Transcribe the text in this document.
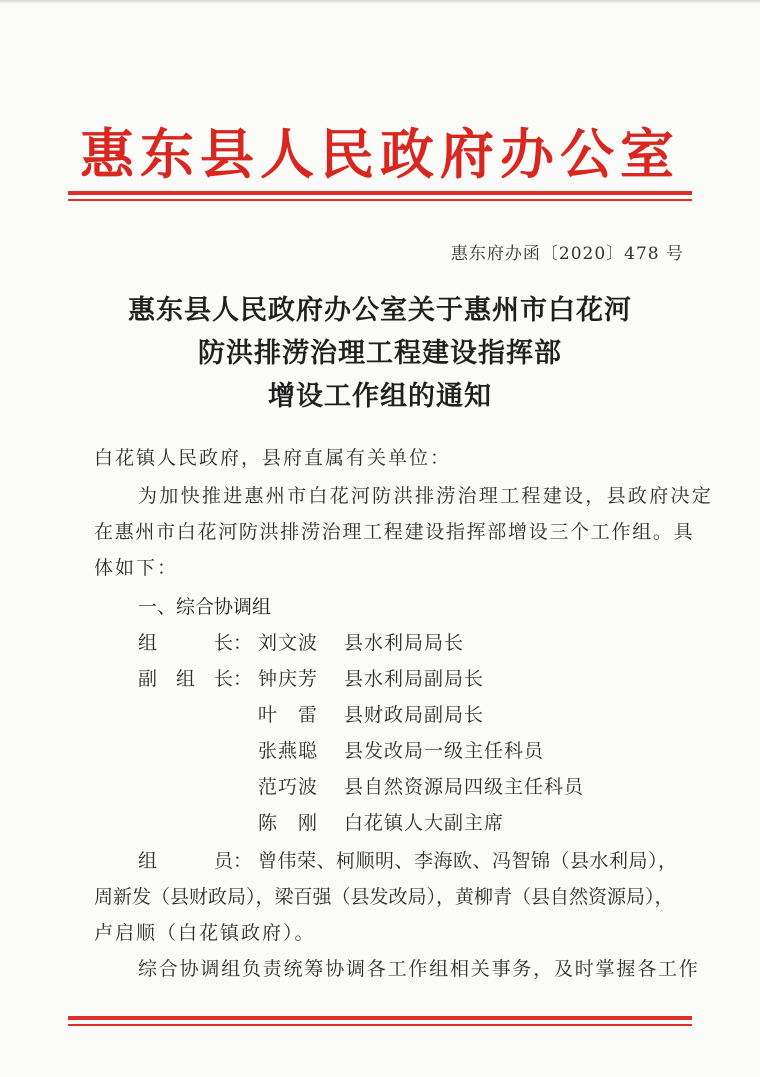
惠东县人民政府办公室
惠东府办函〔2020〕478 号
惠东县人民政府办公室关于惠州市白花河
防洪排涝治理工程建设指挥部
增设工作组的通知
白花镇人民政府，县府直属有关单位：
为加快推进惠州市白花河防洪排涝治理工程建设，县政府决定
在惠州市白花河防洪排涝治理工程建设指挥部增设三个工作组。具
体如下：
一、综合协调组
组　　　长： 刘文波 县水利局局长
副　组　长： 钟庆芳 县水利局副局长
叶　雷 县财政局副局长
张燕聪 县发改局一级主任科员
范巧波 县自然资源局四级主任科员
陈　刚 白花镇人大副主席
组　　　员： 曾伟荣、柯顺明、李海欧、冯智锦（县水利局），
周新发（县财政局），梁百强（县发改局），黄柳青（县自然资源局），
卢启顺（白花镇政府）。
综合协调组负责统筹协调各工作组相关事务，及时掌握各工作
